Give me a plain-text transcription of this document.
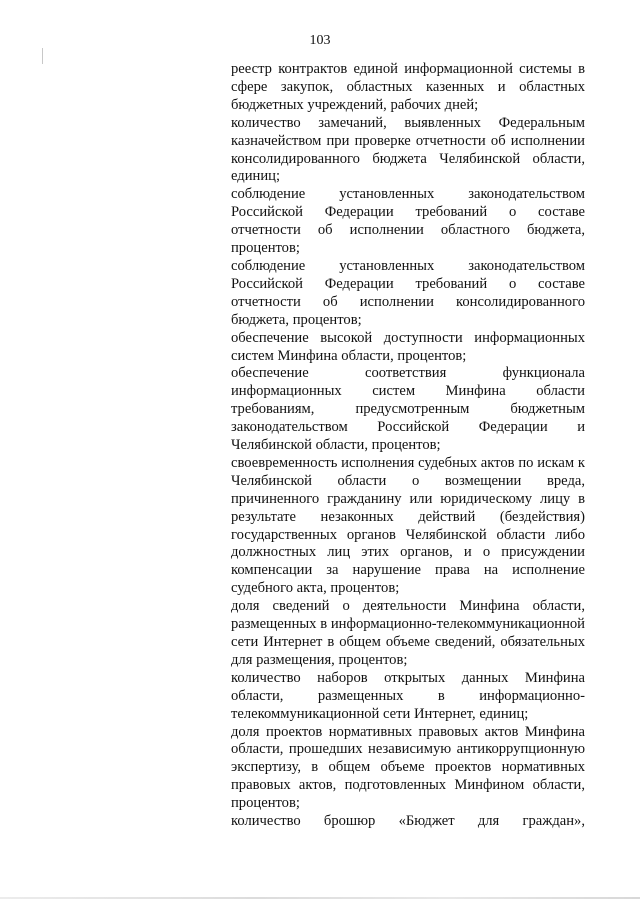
103

реестр контрактов единой информационной системы в сфере закупок, областных казенных и областных бюджетных учреждений, рабочих дней;

количество замечаний, выявленных Федеральным казначейством при проверке отчетности об исполнении консолидированного бюджета Челябинской области, единиц;

соблюдение установленных законодательством Российской Федерации требований о составе отчетности об исполнении областного бюджета, процентов;

соблюдение установленных законодательством Российской Федерации требований о составе отчетности об исполнении консолидированного бюджета, процентов;

обеспечение высокой доступности информационных систем Минфина области, процентов;

обеспечение соответствия функционала информационных систем Минфина области требованиям, предусмотренным бюджетным законодательством Российской Федерации и Челябинской области, процентов;

своевременность исполнения судебных актов по искам к Челябинской области о возмещении вреда, причиненного гражданину или юридическому лицу в результате незаконных действий (бездействия) государственных органов Челябинской области либо должностных лиц этих органов, и о присуждении компенсации за нарушение права на исполнение судебного акта, процентов;

доля сведений о деятельности Минфина области, размещенных в информационно-телекоммуникационной сети Интернет в общем объеме сведений, обязательных для размещения, процентов;

количество наборов открытых данных Минфина области, размещенных в информационно-телекоммуникационной сети Интернет, единиц;

доля проектов нормативных правовых актов Минфина области, прошедших независимую антикоррупционную экспертизу, в общем объеме проектов нормативных правовых актов, подготовленных Минфином области, процентов;

количество брошюр «Бюджет для граждан»,
